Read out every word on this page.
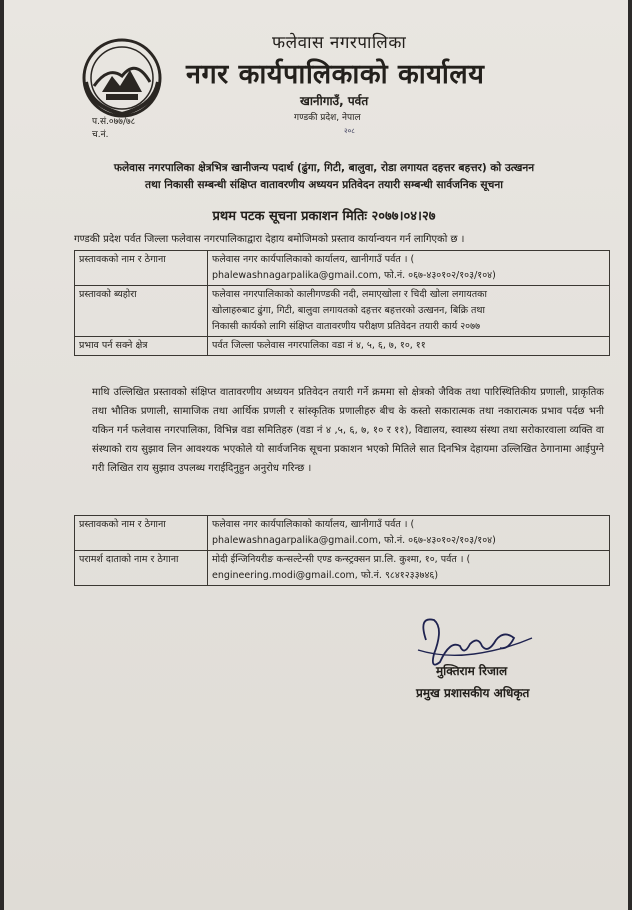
प.सं.०७७/७८
च.नं.
फलेवास नगरपालिका
नगर कार्यपालिकाको कार्यालय
खानीगाउँ, पर्वत
गण्डकी प्रदेश, नेपाल
२०८
फलेवास नगरपालिका क्षेत्रभित्र खानीजन्य पदार्थ (ढुंगा, गिटी, बालुवा, रोडा लगायत दहत्तर बहत्तर) को उत्खनन
तथा निकासी सम्बन्धी संक्षिप्त वातावरणीय अध्ययन प्रतिवेदन तयारी सम्बन्धी सार्वजनिक सूचना
प्रथम पटक सूचना प्रकाशन मितिः २०७७।०४।२७
गण्डकी प्रदेश पर्वत जिल्ला फलेवास नगरपालिकाद्वारा देहाय बमोजिमको प्रस्ताव कार्यान्वयन गर्न लागिएको छ ।
प्रस्तावकको नाम र ठेगाना	फलेवास नगर कार्यपालिकाको कार्यालय, खानीगाउँ पर्वत । (
phalewashnagarpalika@gmail.com, फो.नं. ०६७-४३०१०२/१०३/१०४)

प्रस्तावको ब्यहोरा	फलेवास नगरपालिकाको कालीगण्डकी नदी, लमाएखोला र चिदी खोला लगायतका
खोलाहरुबाट ढुंगा, गिटी, बालुवा लगायतको दहत्तर बहत्तरको उत्खनन, बिक्रि तथा
निकासी कार्यको लागि संक्षिप्त वातावरणीय परीक्षण प्रतिवेदन तयारी कार्य २०७७

प्रभाव पर्न सक्ने क्षेत्र	पर्वत जिल्ला फलेवास नगरपालिका वडा नं ४, ५, ६, ७, १०, ११
माथि उल्लिखित प्रस्तावको संक्षिप्त वातावरणीय अध्ययन प्रतिवेदन तयारी गर्ने क्रममा सो क्षेत्रको जैविक तथा पारिस्थितिकीय प्रणाली, प्राकृतिक तथा भौतिक प्रणाली, सामाजिक तथा आर्थिक प्रणली र सांस्कृतिक प्रणालीहरु बीच के कस्तो सकारात्मक तथा नकारात्मक प्रभाव पर्दछ भनी यकिन गर्न फलेवास नगरपालिका, विभिन्न वडा समितिहरु (वडा नं ४ ,५, ६, ७, १० र ११), विद्यालय, स्वास्थ्य संस्था तथा सरोकारवाला व्यक्ति वा संस्थाको राय सुझाव लिन आवश्यक भएकोले यो सार्वजनिक सूचना प्रकाशन भएको मितिले सात दिनभित्र देहायमा उल्लिखित ठेगानामा आईपुग्ने गरी लिखित राय सुझाव उपलब्ध गराईदिनुहुन अनुरोध गरिन्छ ।
प्रस्तावकको नाम र ठेगाना	फलेवास नगर कार्यपालिकाको कार्यालय, खानीगाउँ पर्वत । (
phalewashnagarpalika@gmail.com, फो.नं. ०६७-४३०१०२/१०३/१०४)

परामर्श दाताको नाम र ठेगाना	मोदी ईन्जिनियरीङ कन्सल्टेन्सी एण्ड कन्स्ट्रक्सन प्रा.लि. कुश्मा, १०, पर्वत । (
engineering.modi@gmail.com, फो.नं. ९८४१२३३७४६)
मुक्तिराम रिजाल
प्रमुख प्रशासकीय अधिकृत
